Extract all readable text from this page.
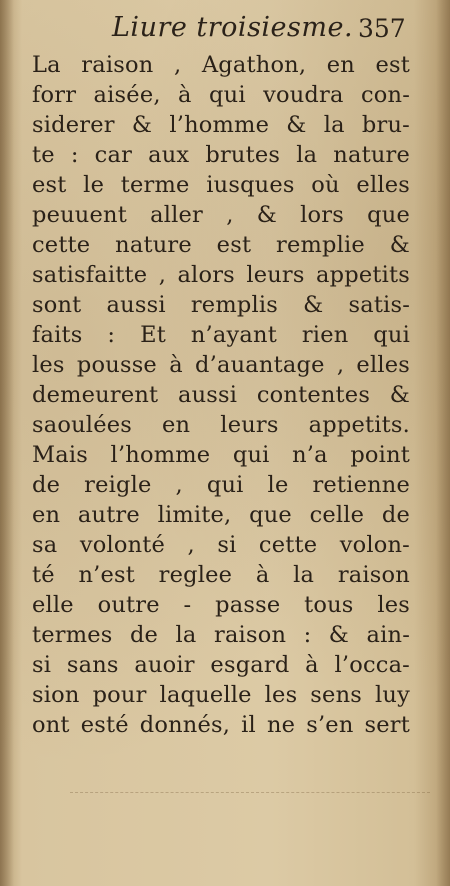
Liure troisiesme. 357
La raison , Agathon, en est
forr aisée, à qui voudra con-
siderer & l’homme & la bru-
te : car aux brutes la nature
est le terme iusques où elles
peuuent aller , & lors que
cette nature est remplie &
satisfaitte , alors leurs appetits
sont aussi remplis & satis-
faits : Et n’ayant rien qui
les pousse à d’auantage , elles
demeurent aussi contentes &
saoulées en leurs appetits.
Mais l’homme qui n’a point
de reigle , qui le retienne
en autre limite, que celle de
sa volonté , si cette volon-
té n’est reglee à la raison
elle outre - passe tous les
termes de la raison : & ain-
si sans auoir esgard à l’occa-
sion pour laquelle les sens luy
ont esté donnés, il ne s’en sert
